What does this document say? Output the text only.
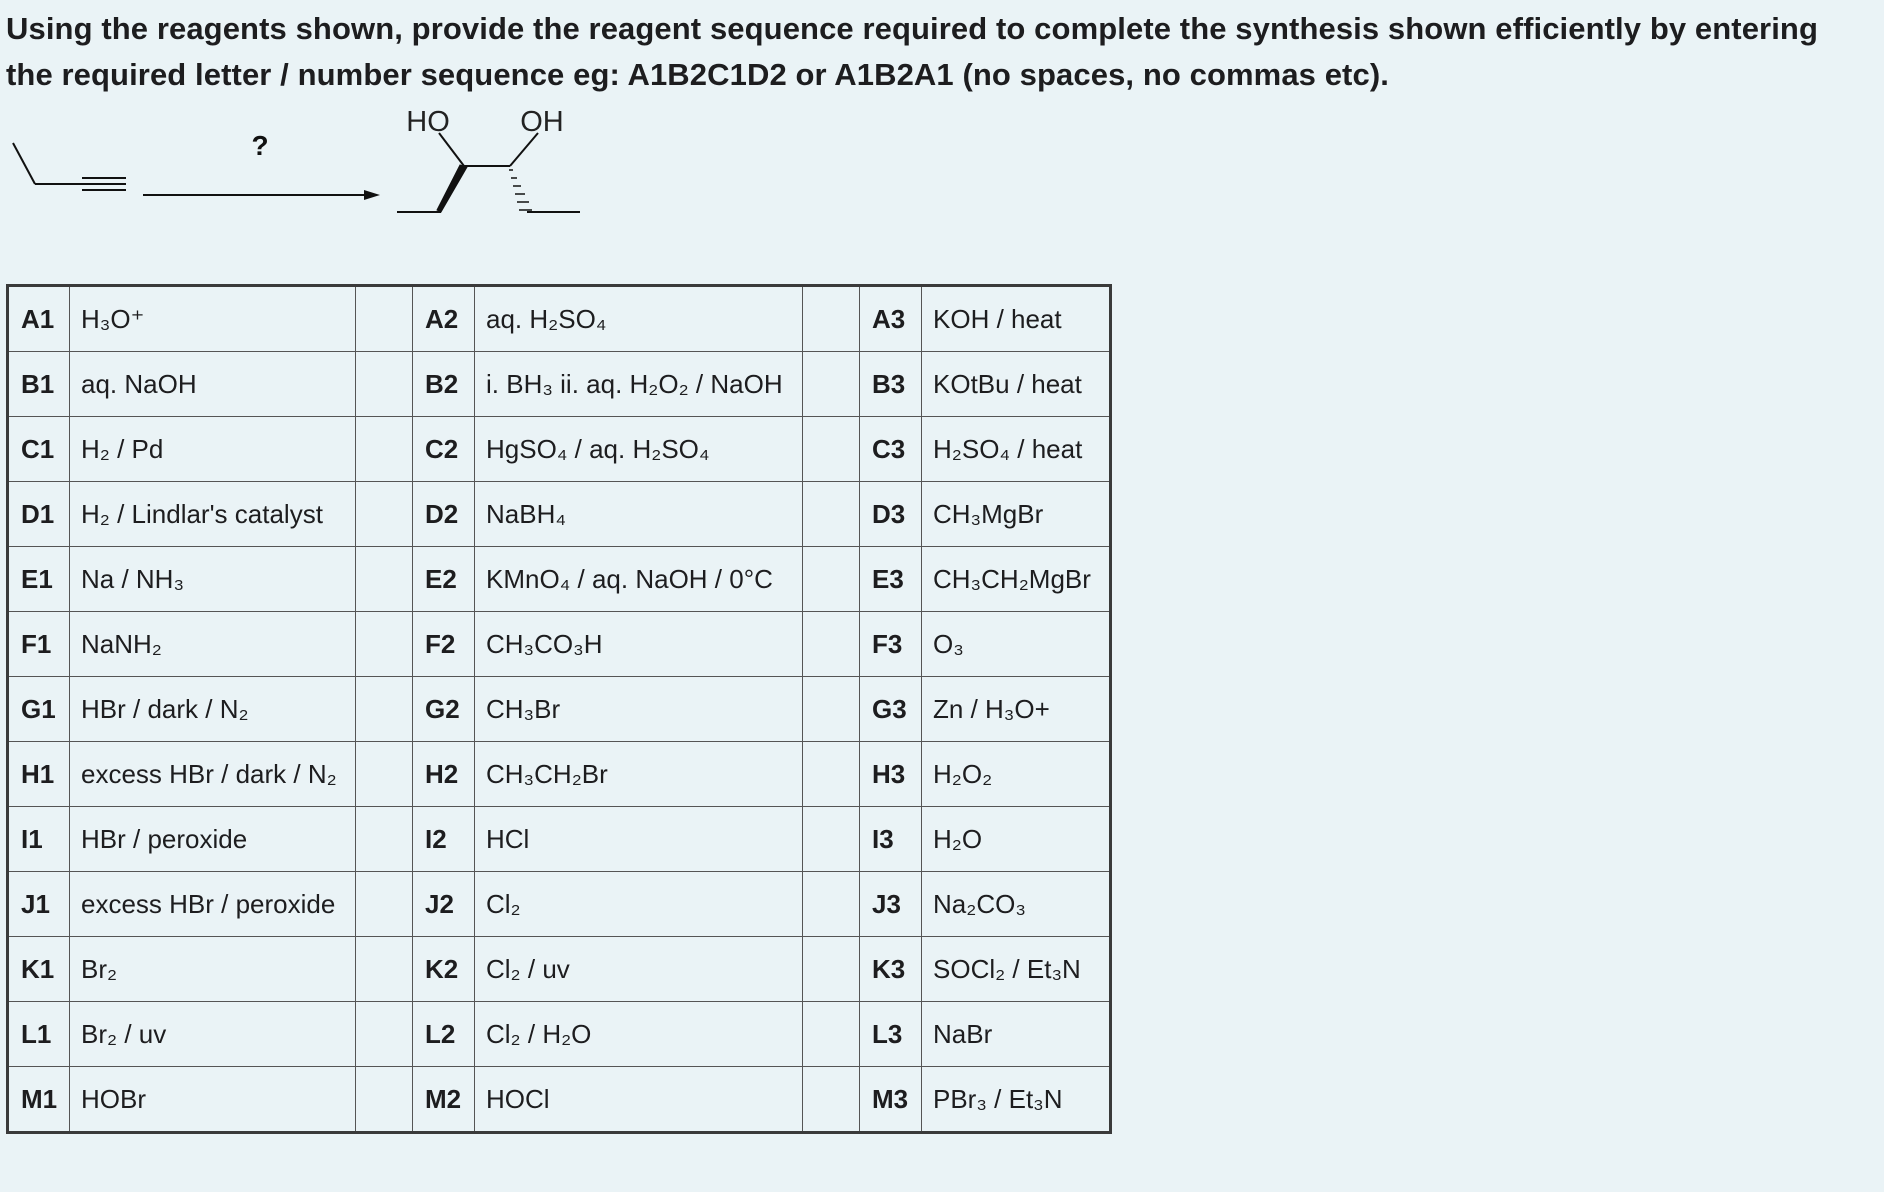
Using the reagents shown, provide the reagent sequence required to complete the synthesis shown efficiently by entering the required letter / number sequence eg: A1B2C1D2 or A1B2A1 (no spaces, no commas etc).

?
HO OH
A1	H₃O⁺		A2	aq. H₂SO₄		A3	KOH / heat
B1	aq. NaOH		B2	i. BH₃ ii. aq. H₂O₂ / NaOH		B3	KOtBu / heat
C1	H₂ / Pd		C2	HgSO₄ / aq. H₂SO₄		C3	H₂SO₄ / heat
D1	H₂ / Lindlar's catalyst		D2	NaBH₄		D3	CH₃MgBr
E1	Na / NH₃		E2	KMnO₄ / aq. NaOH / 0°C		E3	CH₃CH₂MgBr
F1	NaNH₂		F2	CH₃CO₃H		F3	O₃
G1	HBr / dark / N₂		G2	CH₃Br		G3	Zn / H₃O+
H1	excess HBr / dark / N₂		H2	CH₃CH₂Br		H3	H₂O₂
I1	HBr / peroxide		I2	HCl		I3	H₂O
J1	excess HBr / peroxide		J2	Cl₂		J3	Na₂CO₃
K1	Br₂		K2	Cl₂ / uv		K3	SOCl₂ / Et₃N
L1	Br₂ / uv		L2	Cl₂ / H₂O		L3	NaBr
M1	HOBr		M2	HOCl		M3	PBr₃ / Et₃N
